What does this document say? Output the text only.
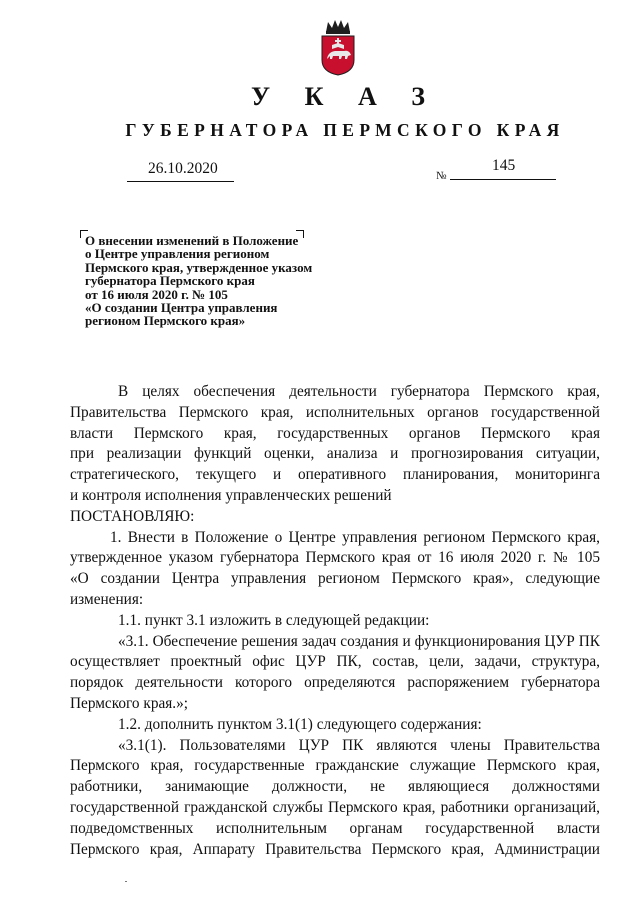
У К А З
ГУБЕРНАТОРА ПЕРМСКОГО КРАЯ
26.10.2020	№
145
О внесении изменений в Положение
о Центре управления регионом
Пермского края, утвержденное указом
губернатора Пермского края
от 16 июля 2020 г. № 105
«О создании Центра управления
регионом Пермского края»
В целях обеспечения деятельности губернатора Пермского края,
Правительства Пермского края, исполнительных органов государственной
власти Пермского края, государственных органов Пермского края
при реализации функций оценки, анализа и прогнозирования ситуации,
стратегического, текущего и оперативного планирования, мониторинга
и контроля исполнения управленческих решений
ПОСТАНОВЛЯЮ:
1. Внести в Положение о Центре управления регионом Пермского края,
утвержденное указом губернатора Пермского края от 16 июля 2020 г. № 105
«О создании Центра управления регионом Пермского края», следующие
изменения:
1.1. пункт 3.1 изложить в следующей редакции:
«3.1. Обеспечение решения задач создания и функционирования ЦУР ПК
осуществляет проектный офис ЦУР ПК, состав, цели, задачи, структура,
порядок деятельности которого определяются распоряжением губернатора
Пермского края.»;
1.2. дополнить пунктом 3.1(1) следующего содержания:
«3.1(1). Пользователями ЦУР ПК являются члены Правительства
Пермского края, государственные гражданские служащие Пермского края,
работники, занимающие должности, не являющиеся должностями
государственной гражданской службы Пермского края, работники организаций,
подведомственных исполнительным органам государственной власти
Пермского края, Аппарату Правительства Пермского края, Администрации
